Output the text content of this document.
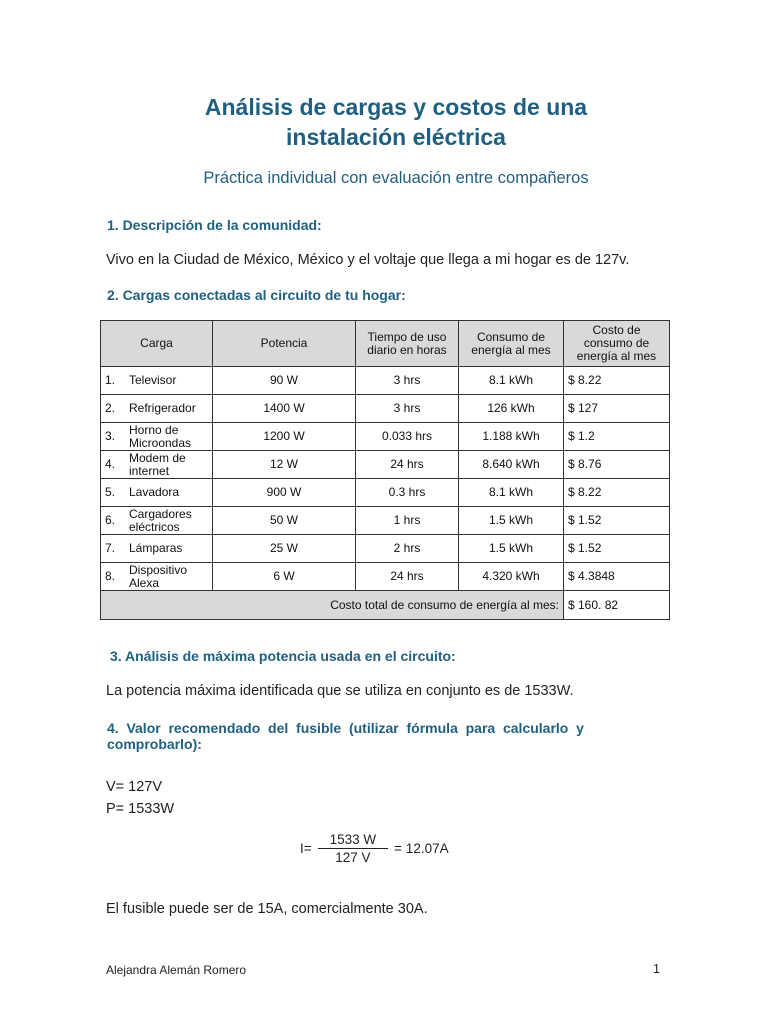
Análisis de cargas y costos de una
instalación eléctrica
Práctica individual con evaluación entre compañeros
1. Descripción de la comunidad:
Vivo en la Ciudad de México, México y el voltaje que llega a mi hogar es de 127v.
2. Cargas conectadas al circuito de tu hogar:
Carga	Potencia	Tiempo de uso diario en horas	Consumo de energía al mes	Costo de consumo de energía al mes

1. Televisor	90 W	3 hrs	8.1 kWh	$ 8.22

2. Refrigerador	1400 W	3 hrs	126 kWh	$ 127

3. Horno de Microondas	1200 W	0.033 hrs	1.188 kWh	$ 1.2

4. Modem de internet	12 W	24 hrs	8.640 kWh	$ 8.76

5. Lavadora	900 W	0.3 hrs	8.1 kWh	$ 8.22

6. Cargadores eléctricos	50 W	1 hrs	1.5 kWh	$ 1.52

7. Lámparas	25 W	2 hrs	1.5 kWh	$ 1.52

8. Dispositivo Alexa	6 W	24 hrs	4.320 kWh	$ 4.3848
Costo total de consumo de energía al mes:				$ 160. 82
3. Análisis de máxima potencia usada en el circuito:
La potencia máxima identificada que se utiliza en conjunto es de 1533W.
4.  Valor  recomendado  del  fusible  (utilizar  fórmula  para  calcularlo  y
comprobarlo):
V= 127V
P= 1533W
$I= \frac{1533 W}{127 V} = 12.07A$
El fusible puede ser de 15A, comercialmente 30A.
Alejandra Alemán Romero	1
